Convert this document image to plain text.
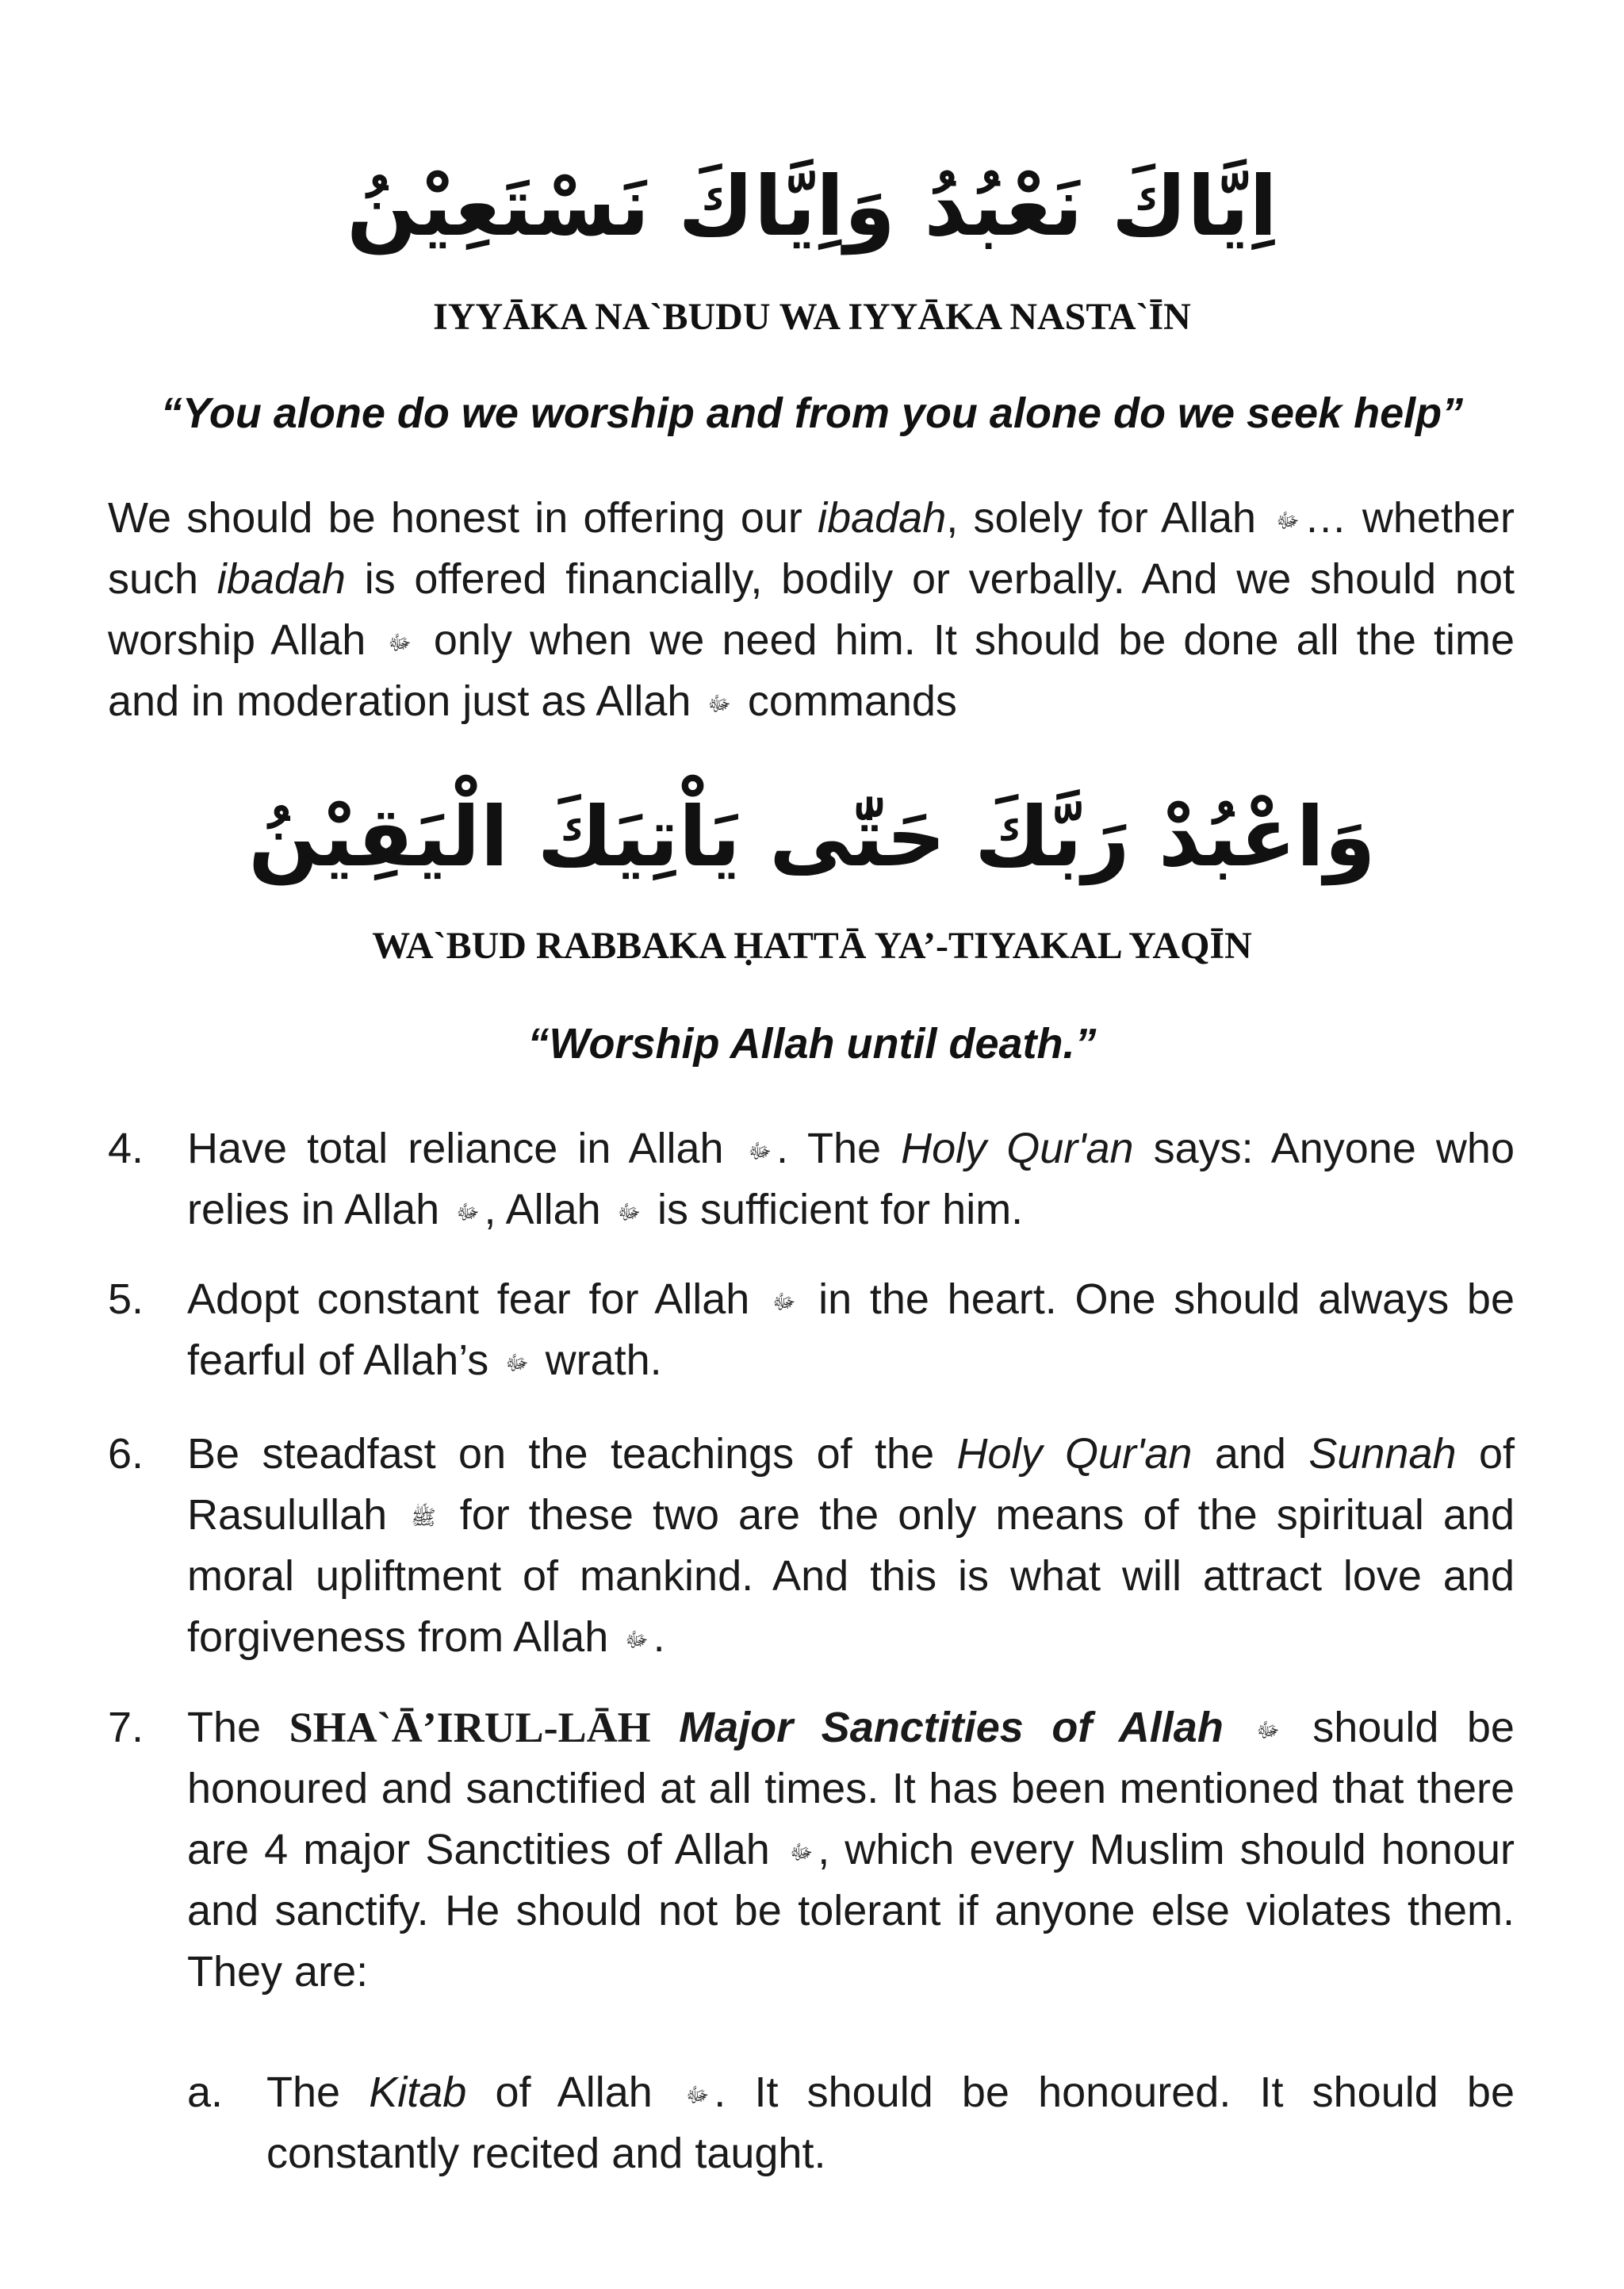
اِيَّاكَ نَعْبُدُ وَاِيَّاكَ نَسْتَعِيْنُ
IYYĀKA NA`BUDU WA IYYĀKA NASTA`ĪN
“You alone do we worship and from you alone do we seek help”

We should be honest in offering our ibadah, solely for Allah ﷻ … whether such ibadah is offered financially, bodily or verbally. And we should not worship Allah ﷻ only when we need him. It should be done all the time and in moderation just as Allah ﷻ commands

وَاعْبُدْ رَبَّكَ حَتّٰى يَاْتِيَكَ الْيَقِيْنُ
WA`BUD RABBAKA ḤATTĀ YA’-TIYAKAL YAQĪN
“Worship Allah until death.”
4.	Have total reliance in Allah ﷻ . The Holy Qur'an says: Anyone who relies in Allah ﷻ , Allah ﷻ is sufficient for him.
5.	Adopt constant fear for Allah ﷻ in the heart. One should always be fearful of Allah’s ﷻ wrath.
6.	Be steadfast on the teachings of the Holy Qur'an and Sunnah of Rasulullah ﷺ for these two are the only means of the spiritual and moral upliftment of mankind. And this is what will attract love and forgiveness from Allah ﷻ .
7.	The SHA`Ā’IRUL-LĀH Major Sanctities of Allah ﷻ should be honoured and sanctified at all times. It has been mentioned that there are 4 major Sanctities of Allah ﷻ , which every Muslim should honour and sanctify. He should not be tolerant if anyone else violates them. They are:
a.	The Kitab of Allah ﷻ . It should be honoured. It should be constantly recited and taught.
